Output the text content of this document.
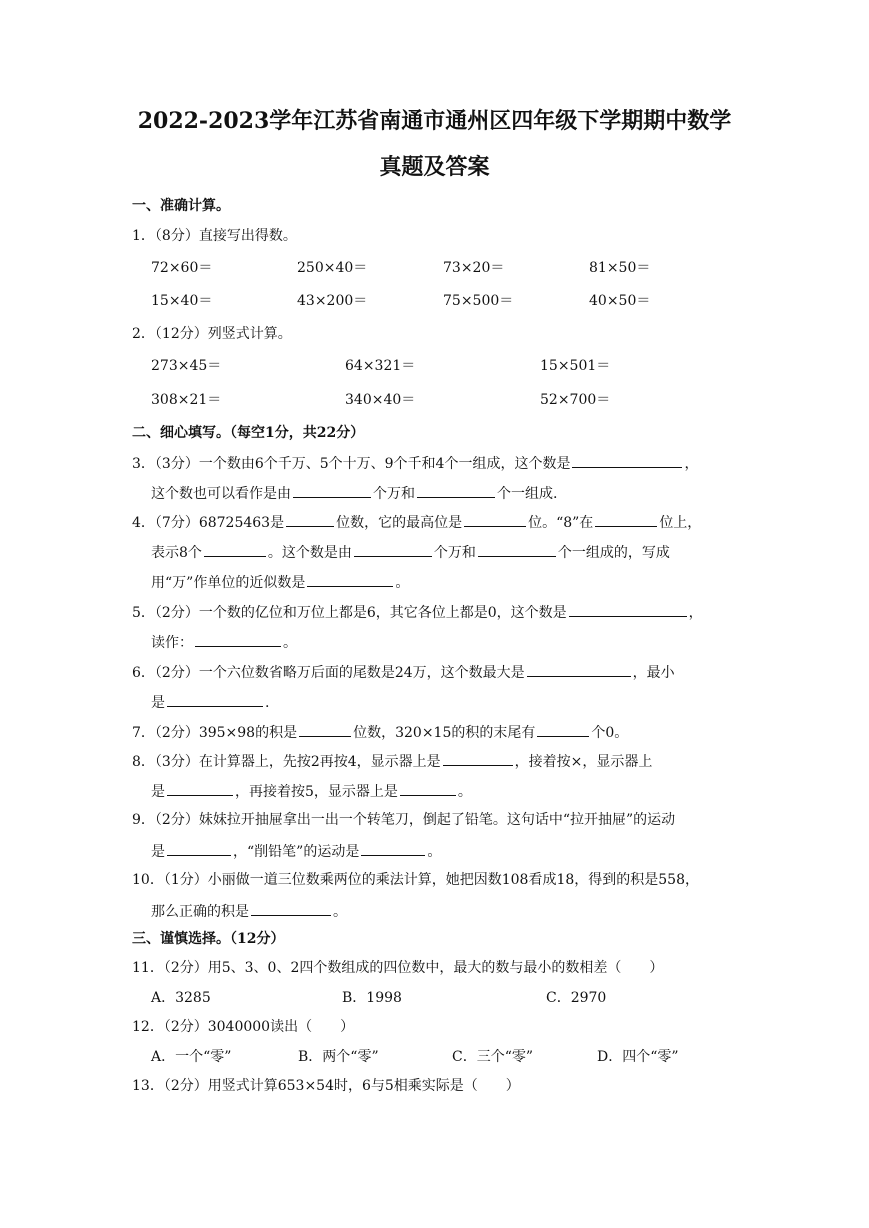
2022-2023学年江苏省南通市通州区四年级下学期期中数学
真题及答案
一、准确计算。
1．（8分）直接写出得数。
72×60＝	250×40＝	73×20＝	81×50＝
15×40＝	43×200＝	75×500＝	40×50＝
2．（12分）列竖式计算。
273×45＝	64×321＝	15×501＝
308×21＝	340×40＝	52×700＝
二、细心填写。（每空1分，共22分）
3．（3分）一个数由6个千万、5个十万、9个千和4个一组成，这个数是	，
这个数也可以看作是由	个万和	个一组成.
4．（7分）68725463是	位数，它的最高位是	位。“8”在	位上，
表示8个	。这个数是由	个万和	个一组成的，写成
用“万”作单位的近似数是	。
5．（2分）一个数的亿位和万位上都是6，其它各位上都是0，这个数是	，
读作：	。
6．（2分）一个六位数省略万后面的尾数是24万，这个数最大是	，最小
是	.
7．（2分）395×98的积是	位数，320×15的积的末尾有	个0。
8．（3分）在计算器上，先按2再按4，显示器上是	，接着按×，显示器上
是	，再接着按5，显示器上是	。
9．（2分）妹妹拉开抽屉拿出一出一个转笔刀，倒起了铅笔。这句话中“拉开抽屉”的运动
是	，“削铅笔”的运动是	。
10．（1分）小丽做一道三位数乘两位的乘法计算，她把因数108看成18，得到的积是558，
那么正确的积是	。
三、谨慎选择。（12分）
11．（2分）用5、3、0、2四个数组成的四位数中，最大的数与最小的数相差（　　）
A．3285	B．1998	C．2970
12．（2分）3040000读出（　　）
A．一个“零”	B．两个“零”	C．三个“零”	D．四个“零”
13．（2分）用竖式计算653×54时，6与5相乘实际是（　　）
